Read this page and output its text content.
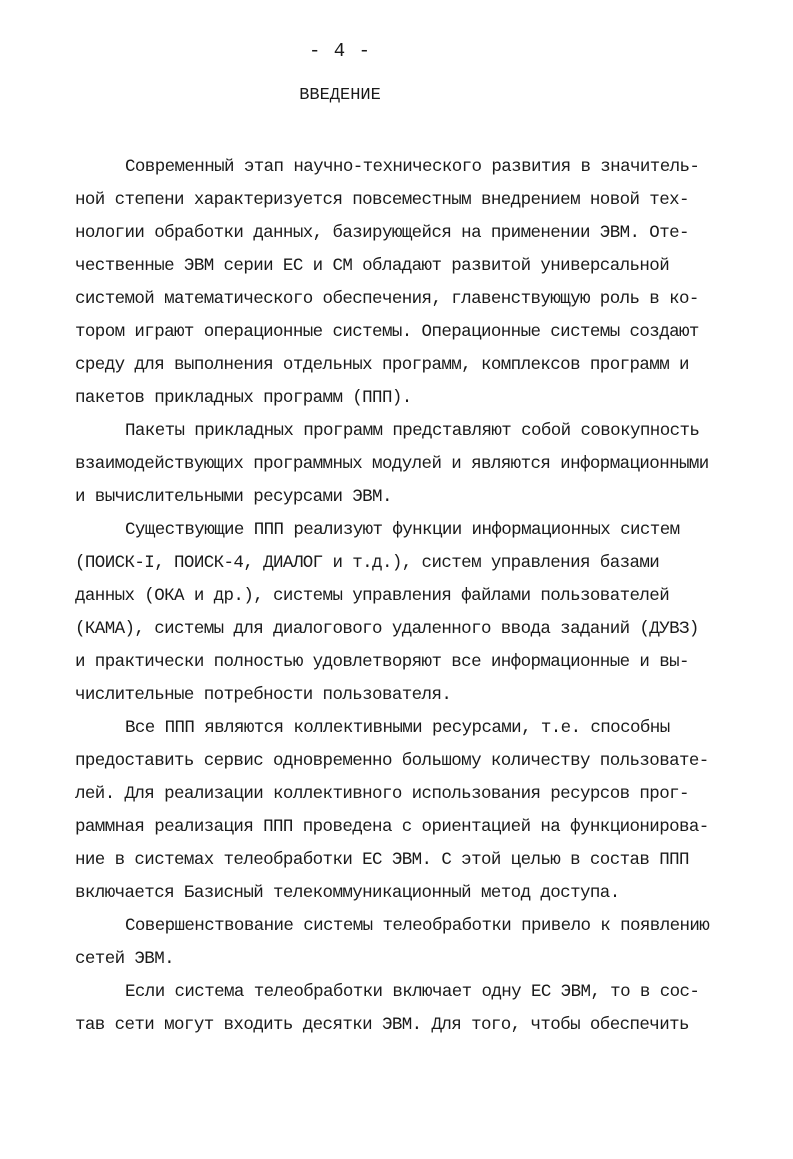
- 4 -
ВВЕДЕНИЕ
Современный этап научно-технического развития в значитель-
ной степени характеризуется повсеместным внедрением новой тех-
нологии обработки данных, базирующейся на применении ЭВМ. Оте-
чественные ЭВМ серии ЕС и СМ обладают развитой универсальной
системой математического обеспечения, главенствующую роль в ко-
тором играют операционные системы. Операционные системы создают
среду для выполнения отдельных программ, комплексов программ и
пакетов прикладных программ (ППП).
Пакеты прикладных программ представляют собой совокупность
взаимодействующих программных модулей и являются информационными
и вычислительными ресурсами ЭВМ.
Существующие ППП реализуют функции информационных систем
(ПОИСК-I, ПОИСК-4, ДИАЛОГ и т.д.), систем управления базами
данных (ОКА и др.), системы управления файлами пользователей
(КАМА), системы для диалогового удаленного ввода заданий (ДУВЗ)
и практически полностью удовлетворяют все информационные и вы-
числительные потребности пользователя.
Все ППП являются коллективными ресурсами, т.е. способны
предоставить сервис одновременно большому количеству пользовате-
лей. Для реализации коллективного использования ресурсов прог-
раммная реализация ППП проведена с ориентацией на функционирова-
ние в системах телеобработки ЕС ЭВМ. С этой целью в состав ППП
включается Базисный телекоммуникационный метод доступа.
Совершенствование системы телеобработки привело к появлению
сетей ЭВМ.
Если система телеобработки включает одну ЕС ЭВМ, то в сос-
тав сети могут входить десятки ЭВМ. Для того, чтобы обеспечить
